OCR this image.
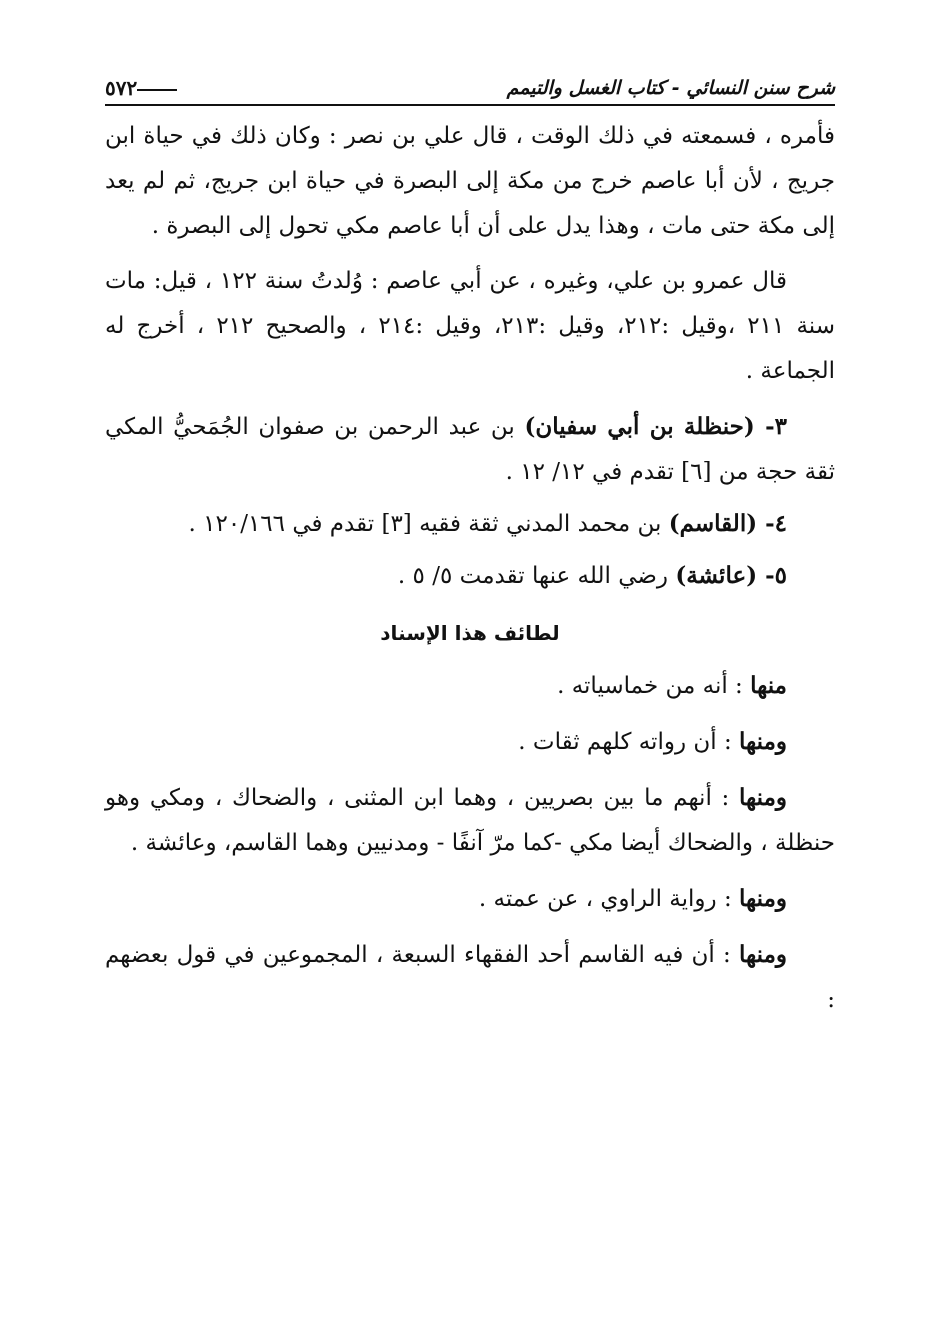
شرح سنن النسائي - كتاب الغسل والتيمم
٥٧٢

فأمره ، فسمعته في ذلك الوقت ، قال علي بن نصر : وكان ذلك في حياة ابن جريج ، لأن أبا عاصم خرج من مكة إلى البصرة في حياة ابن جريج، ثم لم يعد إلى مكة حتى مات ، وهذا يدل على أن أبا عاصم مكي تحول إلى البصرة .

قال عمرو بن علي، وغيره ، عن أبي عاصم : وُلدتُ سنة ١٢٢ ، قيل: مات سنة ٢١١ ،وقيل :٢١٢، وقيل :٢١٣، وقيل :٢١٤ ، والصحيح ٢١٢ ، أخرج له الجماعة .

٣- (حنظلة بن أبي سفيان) بن عبد الرحمن بن صفوان الجُمَحيُّ المكي ثقة حجة من [٦] تقدم في ١٢/ ١٢ .

٤- (القاسم) بن محمد المدني ثقة فقيه [٣] تقدم في ١٢٠/١٦٦ .

٥- (عائشة) رضي الله عنها تقدمت ٥/ ٥ .

لطائف هذا الإسناد

منها : أنه من خماسياته .

ومنها : أن رواته كلهم ثقات .

ومنها : أنهم ما بين بصريين ، وهما ابن المثنى ، والضحاك ، ومكي وهو حنظلة ، والضحاك أيضا مكي -كما مرّ آنفًا - ومدنيين وهما القاسم، وعائشة .

ومنها : رواية الراوي ، عن عمته .

ومنها : أن فيه القاسم أحد الفقهاء السبعة ، المجموعين في قول بعضهم :
